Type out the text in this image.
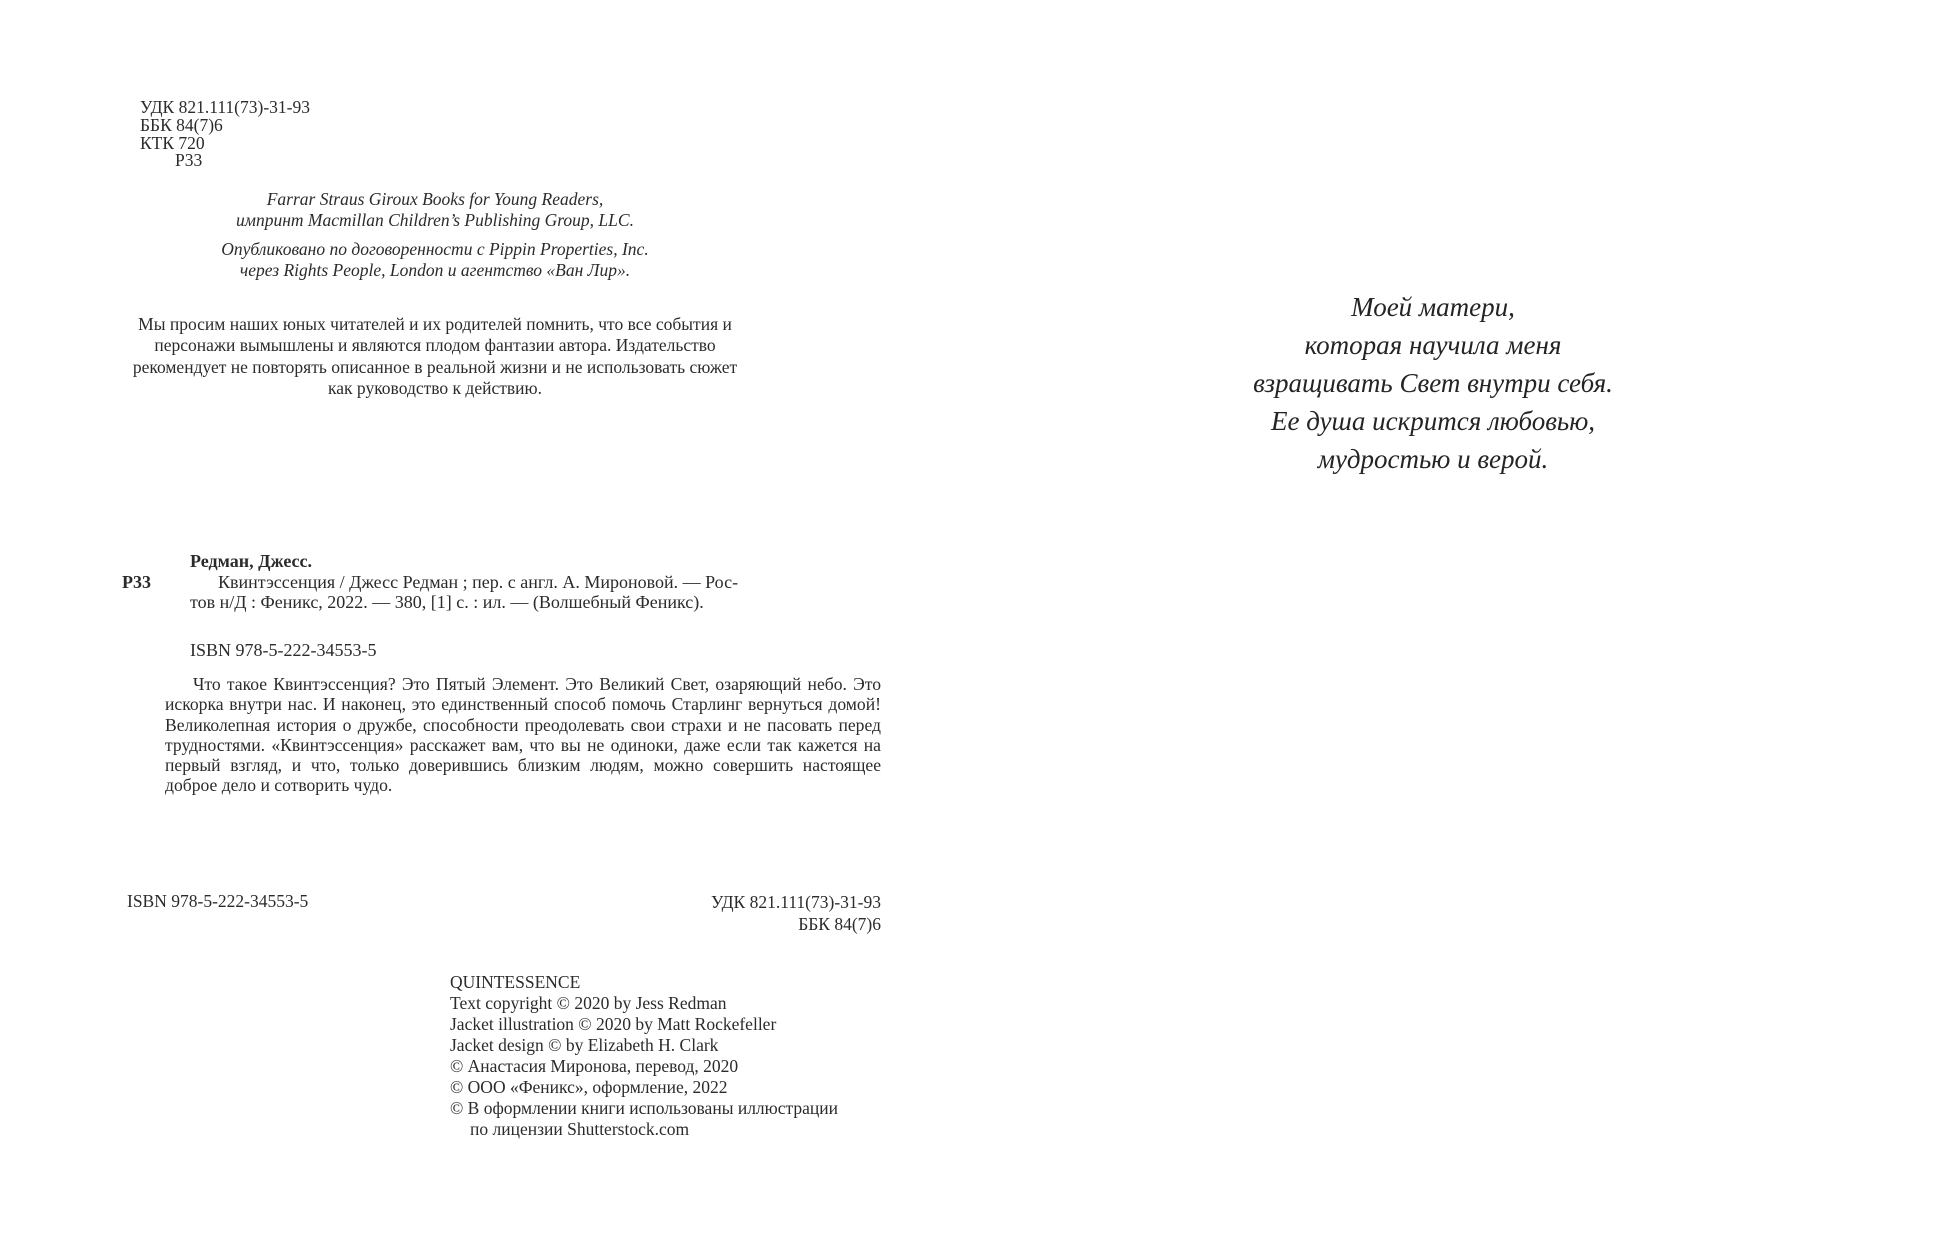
УДК 821.111(73)-31-93
ББК 84(7)6
КТК 720
Р33
Farrar Straus Giroux Books for Young Readers,
импринт Macmillan Children’s Publishing Group, LLC.
Опубликовано по договоренности с Pippin Properties, Inc.
через Rights People, London и агентство «Ван Лир».
Мы просим наших юных читателей и их родителей помнить, что все события и персонажи вымышлены и являются плодом фантазии автора. Издательство рекомендует не повторять описанное в реальной жизни и не использовать сюжет как руководство к действию.
Редман, Джесс.
Р33	Квинтэссенция / Джесс Редман ; пер. с англ. А. Мироновой. — Рос-
тов н/Д : Феникс, 2022. — 380, [1] с. : ил. — (Волшебный Феникс).
ISBN 978-5-222-34553-5
Что такое Квинтэссенция? Это Пятый Элемент. Это Великий Свет, озаряющий небо. Это искорка внутри нас. И наконец, это единственный способ помочь Старлинг вернуться домой! Великолепная история о дружбе, способности преодолевать свои страхи и не пасовать перед трудностями. «Квинтэссенция» расскажет вам, что вы не одиноки, даже если так кажется на первый взгляд, и что, только доверившись близким людям, можно совершить настоящее доброе дело и сотворить чудо.
ISBN 978-5-222-34553-5	УДК 821.111(73)-31-93
ББК 84(7)6
QUINTESSENCE
Text copyright © 2020 by Jess Redman
Jacket illustration © 2020 by Matt Rockefeller
Jacket design © by Elizabeth H. Clark
© Анастасия Миронова, перевод, 2020
© ООО «Феникс», оформление, 2022
© В оформлении книги использованы иллюстрации
по лицензии Shutterstock.com
Моей матери,
которая научила меня
взращивать Свет внутри себя.
Ее душа искрится любовью,
мудростью и верой.
